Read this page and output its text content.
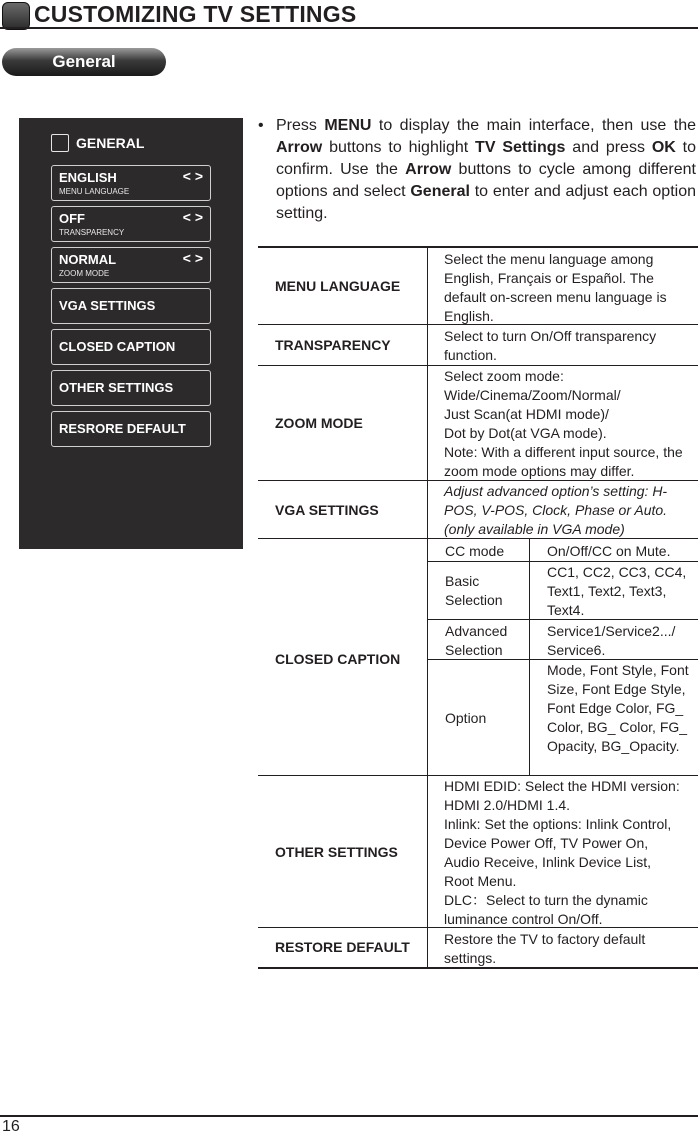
CUSTOMIZING TV SETTINGS
General
GENERAL
ENGLISH
MENU LANGUAGE
< >
OFF
TRANSPARENCY
< >
NORMAL
ZOOM MODE
< >
VGA SETTINGS
CLOSED CAPTION
OTHER SETTINGS
RESRORE DEFAULT
• Press MENU to display the main interface, then use the Arrow buttons to highlight TV Settings and press OK to confirm. Use the Arrow buttons to cycle among different options and select General to enter and adjust each option setting.
MENU LANGUAGE
Select the menu language among English, Français or Español. The default on-screen menu language is English.
TRANSPARENCY
Select to turn On/Off transparency function.
ZOOM MODE
Select zoom mode:
Wide/Cinema/Zoom/Normal/
Just Scan(at HDMI mode)/
Dot by Dot(at VGA mode).
Note: With a different input source, the zoom mode options may differ.
VGA SETTINGS
Adjust advanced option’s setting: H-POS, V-POS, Clock, Phase or Auto. (only available in VGA mode)
CLOSED CAPTION
CC mode	On/Off/CC on Mute.
Basic Selection
CC1, CC2, CC3, CC4, Text1, Text2, Text3, Text4.
Advanced Selection
Service1/Service2.../ Service6.
Option
Mode, Font Style, Font Size, Font Edge Style, Font Edge Color, FG_ Color, BG_ Color, FG_ Opacity, BG_Opacity.
OTHER SETTINGS
HDMI EDID: Select the HDMI version: HDMI 2.0/HDMI 1.4.
Inlink: Set the options: Inlink Control, Device Power Off, TV Power On, Audio Receive, Inlink Device List, Root Menu.
DLC：Select to turn the dynamic luminance control On/Off.
RESTORE DEFAULT Restore the TV to factory default settings.
16
